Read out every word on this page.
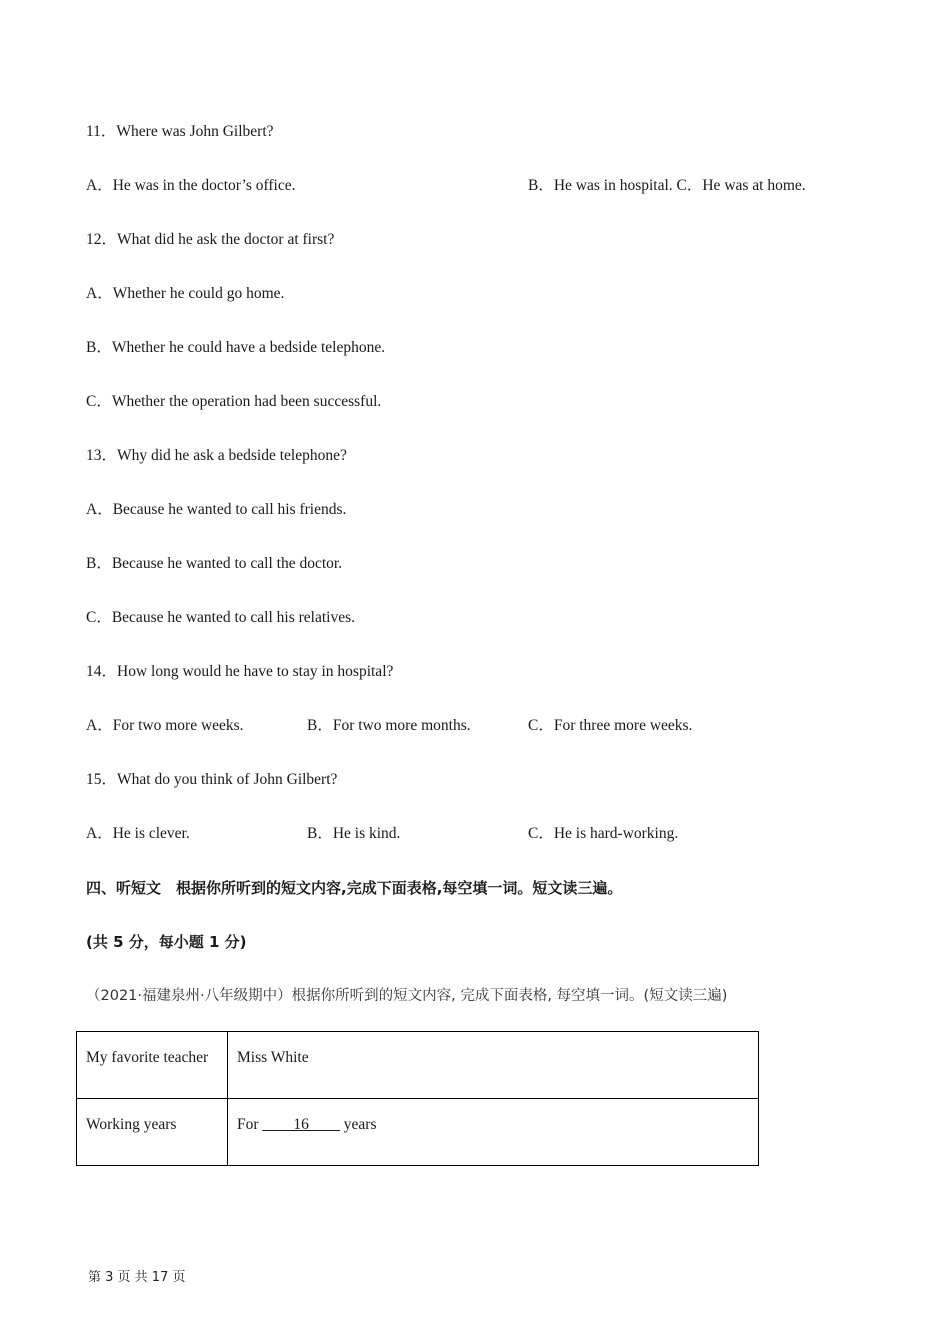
11．Where was John Gilbert?
A．He was in the doctor’s office.	B．He was in hospital. C．He was at home.
12．What did he ask the doctor at first?
A．Whether he could go home.
B．Whether he could have a bedside telephone.
C．Whether the operation had been successful.
13．Why did he ask a bedside telephone?
A．Because he wanted to call his friends.
B．Because he wanted to call the doctor.
C．Because he wanted to call his relatives.
14．How long would he have to stay in hospital?
A．For two more weeks.	B．For two more months.	C．For three more weeks.
15．What do you think of John Gilbert?
A．He is clever.	B．He is kind.	C．He is hard-working.
四、听短文　根据你所听到的短文内容,完成下面表格,每空填一词。短文读三遍。
(共 5 分，每小题 1 分)
（2021·福建泉州·八年级期中）根据你所听到的短文内容, 完成下面表格, 每空填一词。(短文读三遍)
My favorite teacher	Miss White
Working years	For ____16____ years
第 3 页 共 17 页
